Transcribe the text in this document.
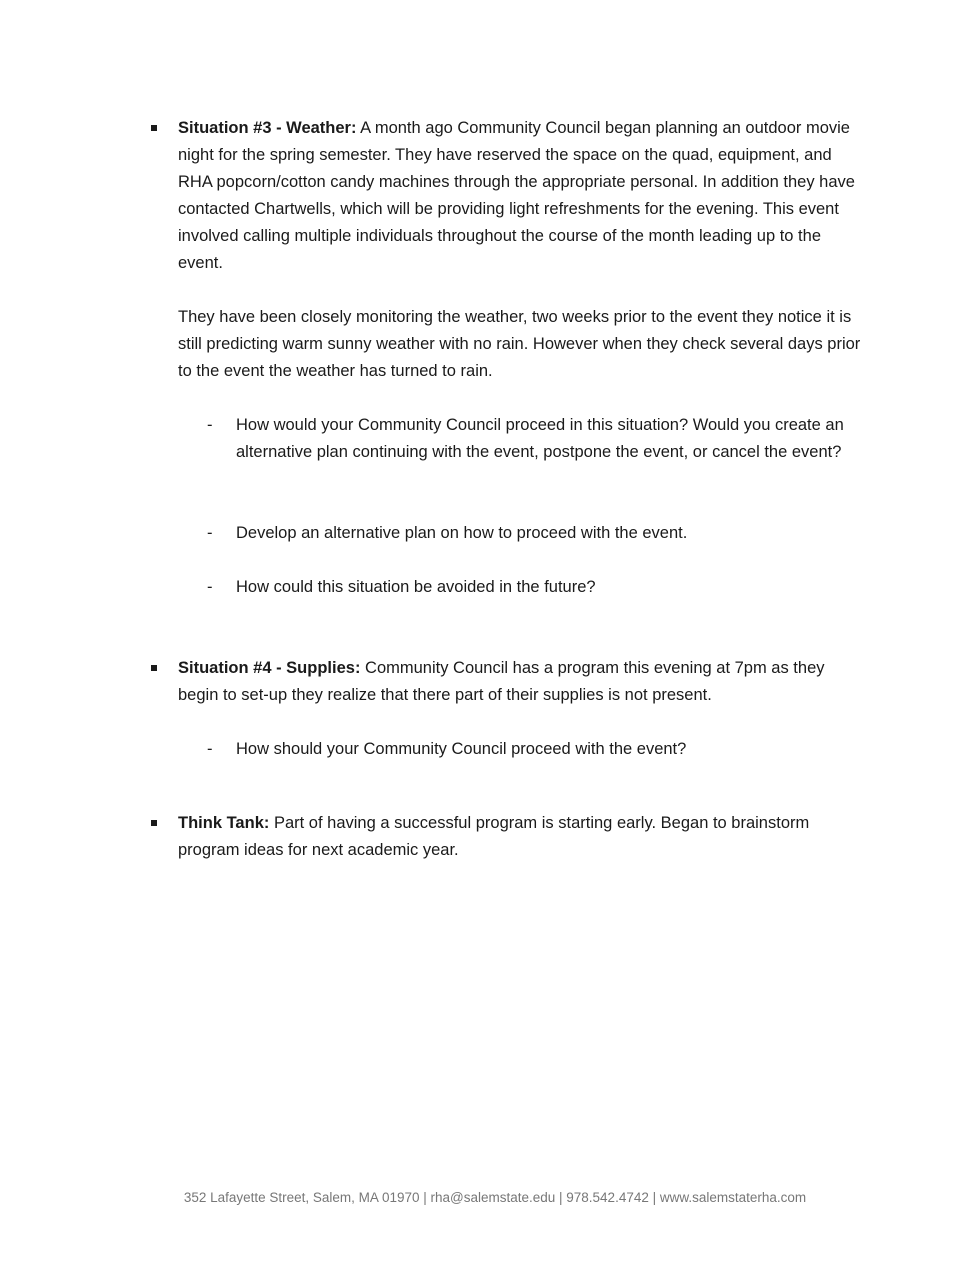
Situation #3 - Weather: A month ago Community Council began planning an outdoor movie night for the spring semester. They have reserved the space on the quad, equipment, and RHA popcorn/cotton candy machines through the appropriate personal. In addition they have contacted Chartwells, which will be providing light refreshments for the evening. This event involved calling multiple individuals throughout the course of the month leading up to the event.

They have been closely monitoring the weather, two weeks prior to the event they notice it is still predicting warm sunny weather with no rain. However when they check several days prior to the event the weather has turned to rain.

- How would your Community Council proceed in this situation? Would you create an alternative plan continuing with the event, postpone the event, or cancel the event?
- Develop an alternative plan on how to proceed with the event.
- How could this situation be avoided in the future?

Situation #4 - Supplies: Community Council has a program this evening at 7pm as they begin to set-up they realize that there part of their supplies is not present.

- How should your Community Council proceed with the event?

Think Tank: Part of having a successful program is starting early. Began to brainstorm program ideas for next academic year.

352 Lafayette Street, Salem, MA 01970 | rha@salemstate.edu | 978.542.4742 | www.salemstaterha.com
